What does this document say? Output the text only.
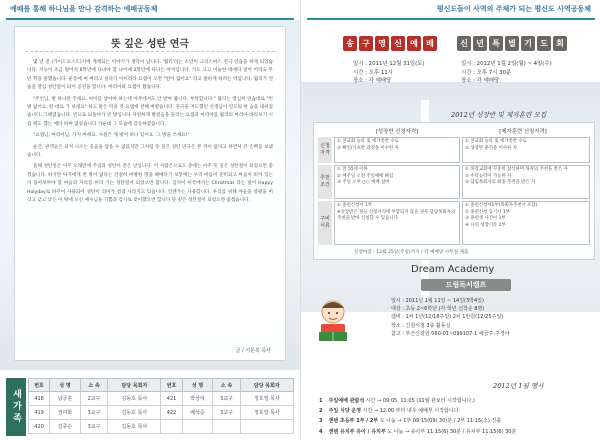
예배를 통해 하나님을 만나 감격하는 예배공동체
뜻 깊은 성탄 연극

몇 년 전 (가이드포스트)지에 게재되는 이야기가 생각이 납니다. '월리'라는 소년이 크리스마스 연극 연습을 하게 되었습니다. 지능이 조금 떨어져 8학년에 다녀야 할 나이에 2학년에 다니는 아이입니다. 키도 크고 어눌한 데에다 얼이 어리숙 무던 학을 말했습니다. 운동에 써 버리고 싶다가 아이라라 요셉이 오면 "번이 없어요" 라고 말하게 하려는 역입니다. 월리가 연습을 열심 성탄절이 되어 공연을 합니다. 마리아와 요셉이 왔습니다.

"주인님, 방 하나만 주세요. 아이를 낳아야 하는데 아무데서도 안 받아 줍니다. 부탁합니다." 월리는 열심히 연습대로 "빈 방 없어요, 딴 데로 가 보세요" 하고 말은 막을 것 요셉에 전해 버렸습니다. 연극을 지도했던 선생님이 연도의 한 숨을 내쉬었습니다. 그때였습니다. 빈으로 되돌아가 빈 방입니다 자연하게 발걸음을 돌리는 요셉과 마리아를 월리의 마리아 바라보기 시킴 떼도 했는 애타 하며 없었습니다 가운데 그 모습에 감동하였습니다.

"요셉님, 마리아님, 가지 마세요. 사실은 제 방이 하나 있어요. 그 방을 쓰세요!"

순간, 관객들은 터져 나오는 웃음을 참을 수 없었지만 그처럼 뜻 깊은 성탄 연극은 본 적이 없다고 하면서 큰 손뼉을 보냈습니다.

올해 성탄절은 아주 오래만에 주일과 성탄이 같은 날입니다. 이 사람은으로도 총에는 아주 뜻 깊은 성탄절이 되었으면 좋겠습니다. 하지만 아지에게 빈 방이 없다는 간절히 마땅한 방을 헤매다가 보통에는 우리 마음이 준비되고 마음이 비어 있는지 돌아보아야 할 마음의 자리를 미리 가는 성탄절이 되었으면 합니다. 심지어 미국에서는 Christmas 라는 말이 Happy Holyday로 바꾸어 사용되어 성탄이 의미가 점점 사라지고 있습니다. 언젠가는 사용합니다. 우리를 위해 아들을 영광을 버리고 낮고 낮은 이 땅에 오신 예수님을 기쁨과 감사로 맞이했으면 합니다 뜻 깊은 성탄절이 되었으면 좋겠습니다.

글 / 서문북 목사
새가족
번호	성 명	소 속	담당 목회자	번호	성 명	소 속	담당 목회자
418	남궁훈	2교구	김동호 목사	421	박상덕	3교구	정호열 목사
419	권미화	3교구	김동호 목사	422	배석준	3교구	정호열 목사
420	김종순	3교구	김동호 목사				
평신도들이 사역의 주체가 되는 평신도 사역공동체
송	구	영	신	예	배	신	년	특	별	기	도	회
일시 : 2011년 12월 31일(토)
시간 : 오후 11시
장소 : 각 예배당
일시 : 2012년 1월 2일(월) ~ 4일(수)
시간 : 오후 7시 30분
장소 : 각 예배당
2012년 성장반 및 제자훈련 모집
[성장반 신청자격]	[제자훈련 신청자격]
신청자격
① 본교회 등록 및 세가족반 수료
② 확인/기초반 과정을 이수한 자
① 본교회 등록 및 세가족반 수료
② 성장반 훈련을 이수한 자
추천 조건
① 만 55세 이하
② 매주일 오전 주일예배 빠짐
③ 주일 오후 ○○ 예배 참여
① 목장교회에 꾸준히 참석하며 목자의 추천을 받은 자
② 수학능력이 가능한 자
③ 담임목회자의 최종 추천을 받은 자
구비 서류
① 훈련신청서 1부
※성장반은 정규 신청자격에 부합되지 않을 경우 담당목회자의 추천을 받아 신청할 수 있습니다.
① 훈련신청서1부(목회자추천서 포함)
② 훈련신청 동기서 1부
③ 훈련생 사진이 1부
④ 나의 성장기록 1부
신청마감 : 12월 25일(주일)까지 / 각 예배당 사무실 제출
Dream Academy
드림독서캠프
일시 : 2011년 1월 11일 ~ 14일(3박4일)
대상 : 초등 2~6학년 (각 학년 선착순 8명)
캠비 : 1차 1년(12/18주일) 2차 1만원(12/25주일)
장소 : 신원서점 3층 활동실
참고 : 부산신광원 060-01~099107-1 예금주:주경야
2012년 1월 행사
1 주일예배 관람석 시간 → 09:05, 11:05 (11월 관보터 시작합니다.)
2 주일 식당 운영 시간 → 12:00 부터 내우 예배부 시작합니다.
3 센텐 초등부 1부 / 2부 도 나눔 → 1부 09:15(09) 30)분 / 2부 11:15(소) 진출
4 센텐 유치부 유아 / 유치부 도 나눔 → 유아부 11:15(6) 30분 / 유치부 11:15(6) 30분
